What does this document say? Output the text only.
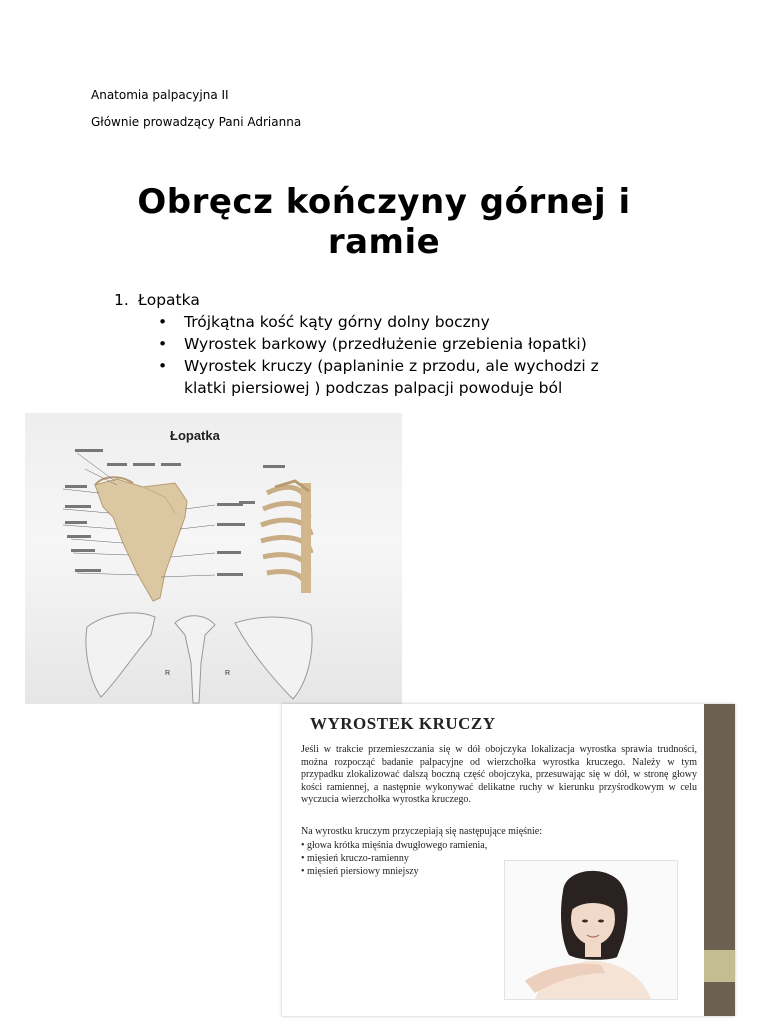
Anatomia palpacyjna II
Głównie prowadzący Pani Adrianna
Obręcz kończyny górnej i ramie
1. Łopatka
• Trójkątna kość kąty górny dolny boczny
• Wyrostek barkowy (przedłużenie grzebienia łopatki)
• Wyrostek kruczy (paplaninie z przodu, ale wychodzi z klatki piersiowej ) podczas palpacji powoduje ból
Łopatka
R	R
WYROSTEK KRUCZY
Jeśli w trakcie przemieszczania się w dół obojczyka lokalizacja wyrostka sprawia trudności, można rozpocząć badanie palpacyjne od wierzchołka wyrostka kruczego. Należy w tym przypadku zlokalizować dalszą boczną część obojczyka, przesuwając się w dół, w stronę głowy kości ramiennej, a następnie wykonywać delikatne ruchy w kierunku przyśrodkowym w celu wyczucia wierzchołka wyrostka kruczego.
Na wyrostku kruczym przyczepiają się następujące mięśnie:
• głowa krótka mięśnia dwugłowego ramienia,
• mięsień kruczo-ramienny
• mięsień piersiowy mniejszy
